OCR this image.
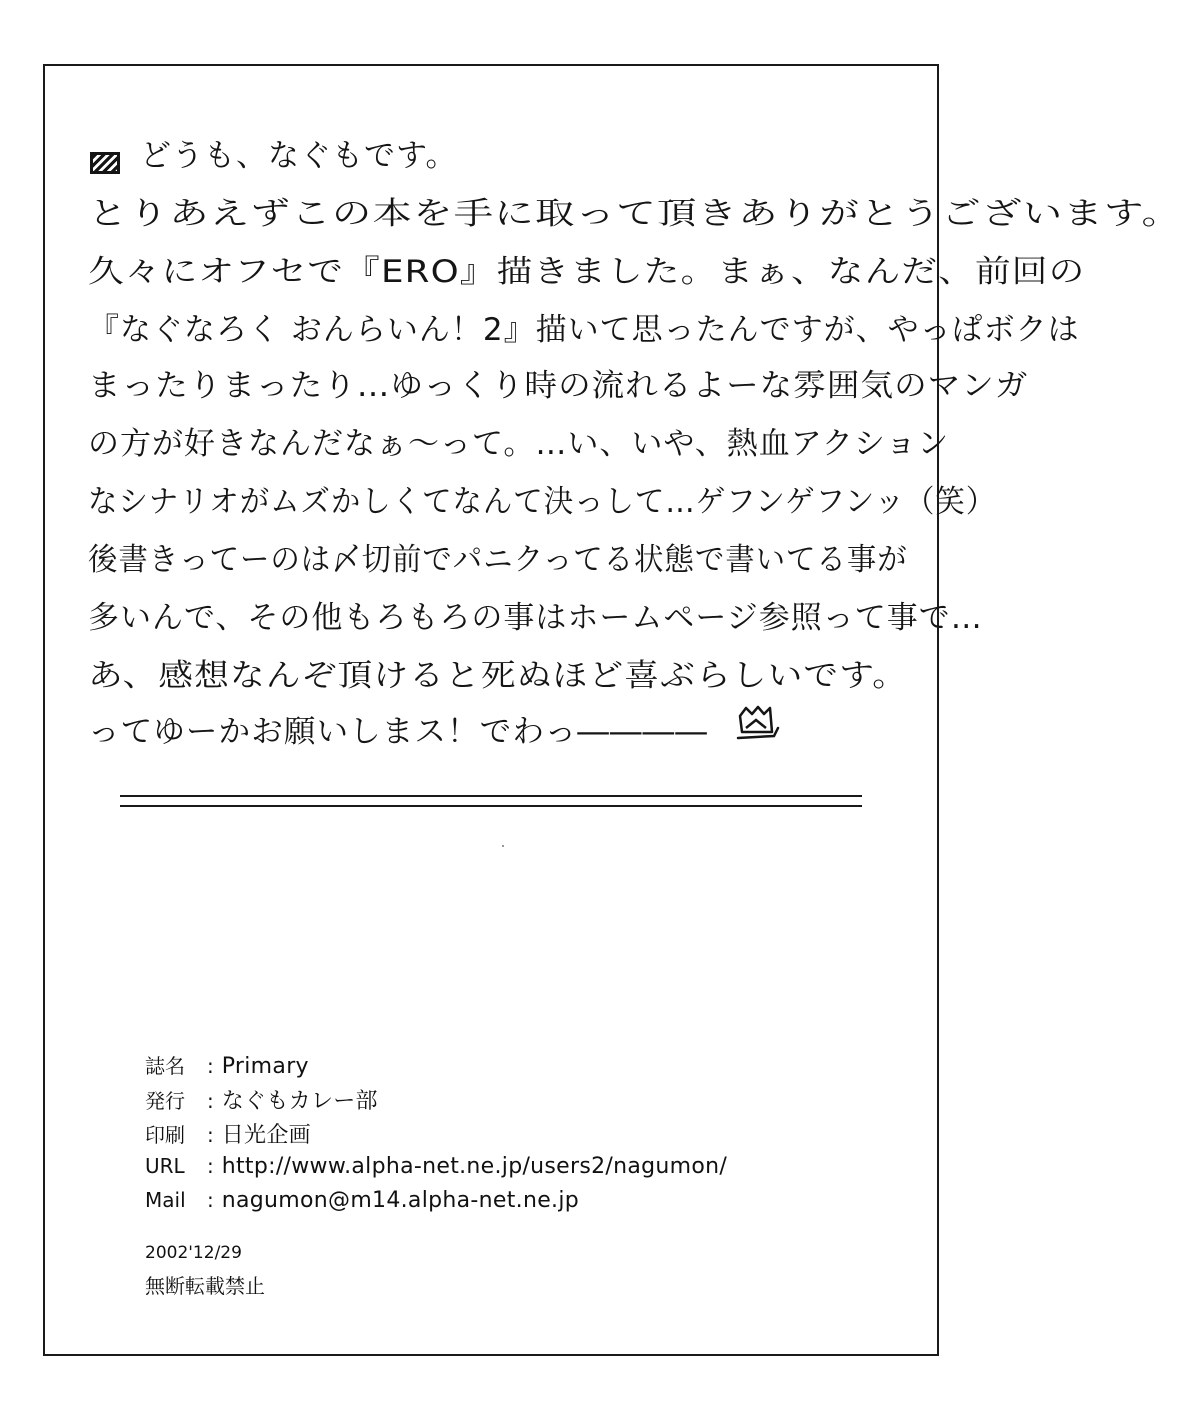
どうも、なぐもです。
とりあえずこの本を手に取って頂きありがとうございます。
久々にオフセで『ERO』描きました。まぁ、なんだ、前回の
『なぐなろく おんらいん！2』描いて思ったんですが、やっぱボクは
まったりまったり…ゆっくり時の流れるよーな雰囲気のマンガ
の方が好きなんだなぁ〜って。…い、いや、熱血アクション
なシナリオがムズかしくてなんて決っして…ゲフンゲフンッ（笑）
後書きってーのは〆切前でパニクってる状態で書いてる事が
多いんで、その他もろもろの事はホームページ参照って事で…
あ、感想なんぞ頂けると死ぬほど喜ぶらしいです。
ってゆーかお願いしまス！でわっ――――
誌名	: Primary
発行	: なぐもカレー部
印刷	: 日光企画
URL	: http://www.alpha-net.ne.jp/users2/nagumon/
Mail	: nagumon@m14.alpha-net.ne.jp
2002'12/29
無断転載禁止
